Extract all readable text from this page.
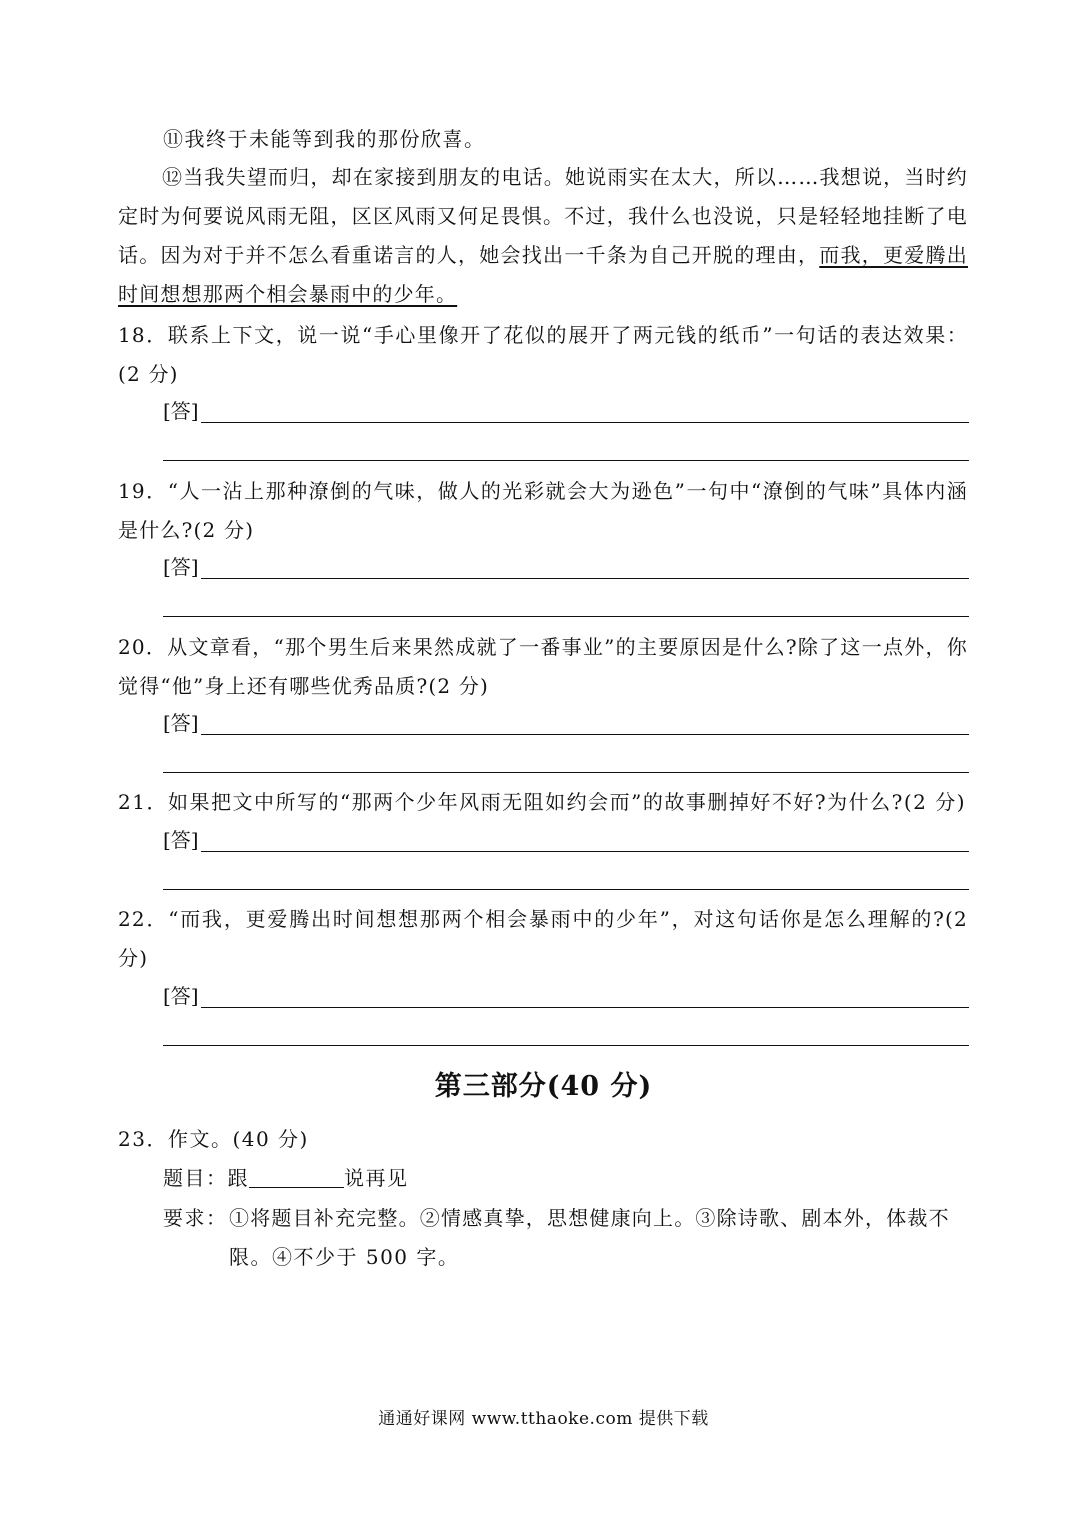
⑪我终于未能等到我的那份欣喜。
⑫当我失望而归，却在家接到朋友的电话。她说雨实在太大，所以……我想说，当时约定时为何要说风雨无阻，区区风雨又何足畏惧。不过，我什么也没说，只是轻轻地挂断了电话。因为对于并不怎么看重诺言的人，她会找出一千条为自己开脱的理由，而我，更爱腾出时间想想那两个相会暴雨中的少年。
18．联系上下文，说一说“手心里像开了花似的展开了两元钱的纸币”一句话的表达效果：(2 分)
[答]
19．“人一沾上那种潦倒的气味，做人的光彩就会大为逊色”一句中“潦倒的气味”具体内涵是什么?(2 分)
[答]
20．从文章看，“那个男生后来果然成就了一番事业”的主要原因是什么?除了这一点外，你觉得“他”身上还有哪些优秀品质?(2 分)
[答]
21．如果把文中所写的“那两个少年风雨无阻如约会而”的故事删掉好不好?为什么?(2 分)
[答]
22．“而我，更爱腾出时间想想那两个相会暴雨中的少年”，对这句话你是怎么理解的?(2 分)
[答]
第三部分(40 分)
23．作文。(40 分)
题目：跟	说再见
要求： ①将题目补充完整。②情感真挚，思想健康向上。③除诗歌、剧本外，体裁不
限。④不少于 500 字。
通通好课网 www.tthaoke.com 提供下载
